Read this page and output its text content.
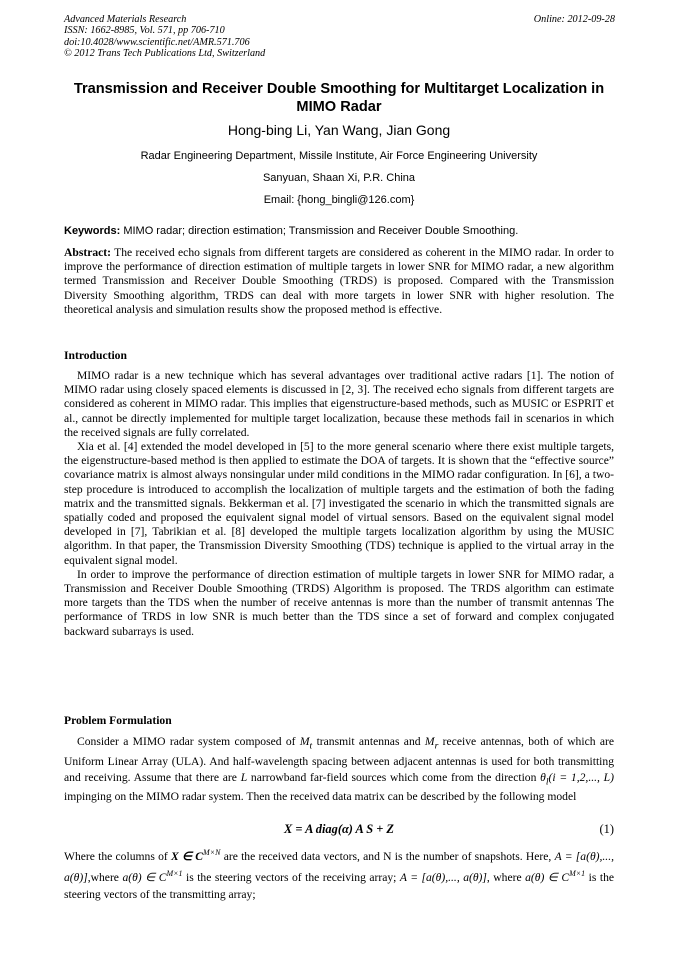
Advanced Materials Research
ISSN: 1662-8985, Vol. 571, pp 706-710
doi:10.4028/www.scientific.net/AMR.571.706
© 2012 Trans Tech Publications Ltd, Switzerland
Online: 2012-09-28
Transmission and Receiver Double Smoothing for Multitarget Localization in MIMO Radar
Hong-bing Li, Yan Wang, Jian Gong
Radar Engineering Department, Missile Institute, Air Force Engineering University
Sanyuan, Shaan Xi, P.R. China
Email: {hong_bingli@126.com}
Keywords: MIMO radar; direction estimation; Transmission and Receiver Double Smoothing.

Abstract: The received echo signals from different targets are considered as coherent in the MIMO radar. In order to improve the performance of direction estimation of multiple targets in lower SNR for MIMO radar, a new algorithm termed Transmission and Receiver Double Smoothing (TRDS) is proposed. Compared with the Transmission Diversity Smoothing algorithm, TRDS can deal with more targets in lower SNR with higher resolution. The theoretical analysis and simulation results show the proposed method is effective.

Introduction

MIMO radar is a new technique which has several advantages over traditional active radars [1]. The notion of MIMO radar using closely spaced elements is discussed in [2, 3]. The received echo signals from different targets are considered as coherent in MIMO radar. This implies that eigenstructure-based methods, such as MUSIC or ESPRIT et al., cannot be directly implemented for multiple target localization, because these methods fail in scenarios in which the received signals are fully correlated.

Xia et al. [4] extended the model developed in [5] to the more general scenario where there exist multiple targets, the eigenstructure-based method is then applied to estimate the DOA of targets. It is shown that the “effective source” covariance matrix is almost always nonsingular under mild conditions in the MIMO radar configuration. In [6], a two-step procedure is introduced to accomplish the localization of multiple targets and the estimation of both the fading matrix and the transmitted signals. Bekkerman et al. [7] investigated the scenario in which the transmitted signals are spatially coded and proposed the equivalent signal model of virtual sensors. Based on the equivalent signal model developed in [7], Tabrikian et al. [8] developed the multiple targets localization algorithm by using the MUSIC algorithm. In that paper, the Transmission Diversity Smoothing (TDS) technique is applied to the virtual array in the equivalent signal model.

In order to improve the performance of direction estimation of multiple targets in lower SNR for MIMO radar, a Transmission and Receiver Double Smoothing (TRDS) Algorithm is proposed. The TRDS algorithm can estimate more targets than the TDS when the number of receive antennas is more than the number of transmit antennas The performance of TRDS in low SNR is much better than the TDS since a set of forward and complex conjugated backward subarrays is used.

Problem Formulation

Consider a MIMO radar system composed of $M_t$ transmit antennas and $M_r$ receive antennas, both of which are Uniform Linear Array (ULA). And half-wavelength spacing between adjacent antennas is used for both transmitting and receiving. Assume that there are L narrowband far-field sources which come from the direction $\theta_l(i = 1,2$,..., L) impinging on the MIMO radar system. Then the received data matrix can be described by the following model

X = A diag(α) A S + Z	(1)

Where the columns of X ∈ $C^{M\times N}$ are the received data vectors, and N is the number of snapshots. Here, A = [a(θ),..., a(θ)],where a(θ) ∈ $C^{M\times 1}$ is the steering vectors of the receiving array; A = [a(θ),..., a(θ)], where a(θ) ∈ $C^{M\times 1}$ is the steering vectors of the transmitting array;
